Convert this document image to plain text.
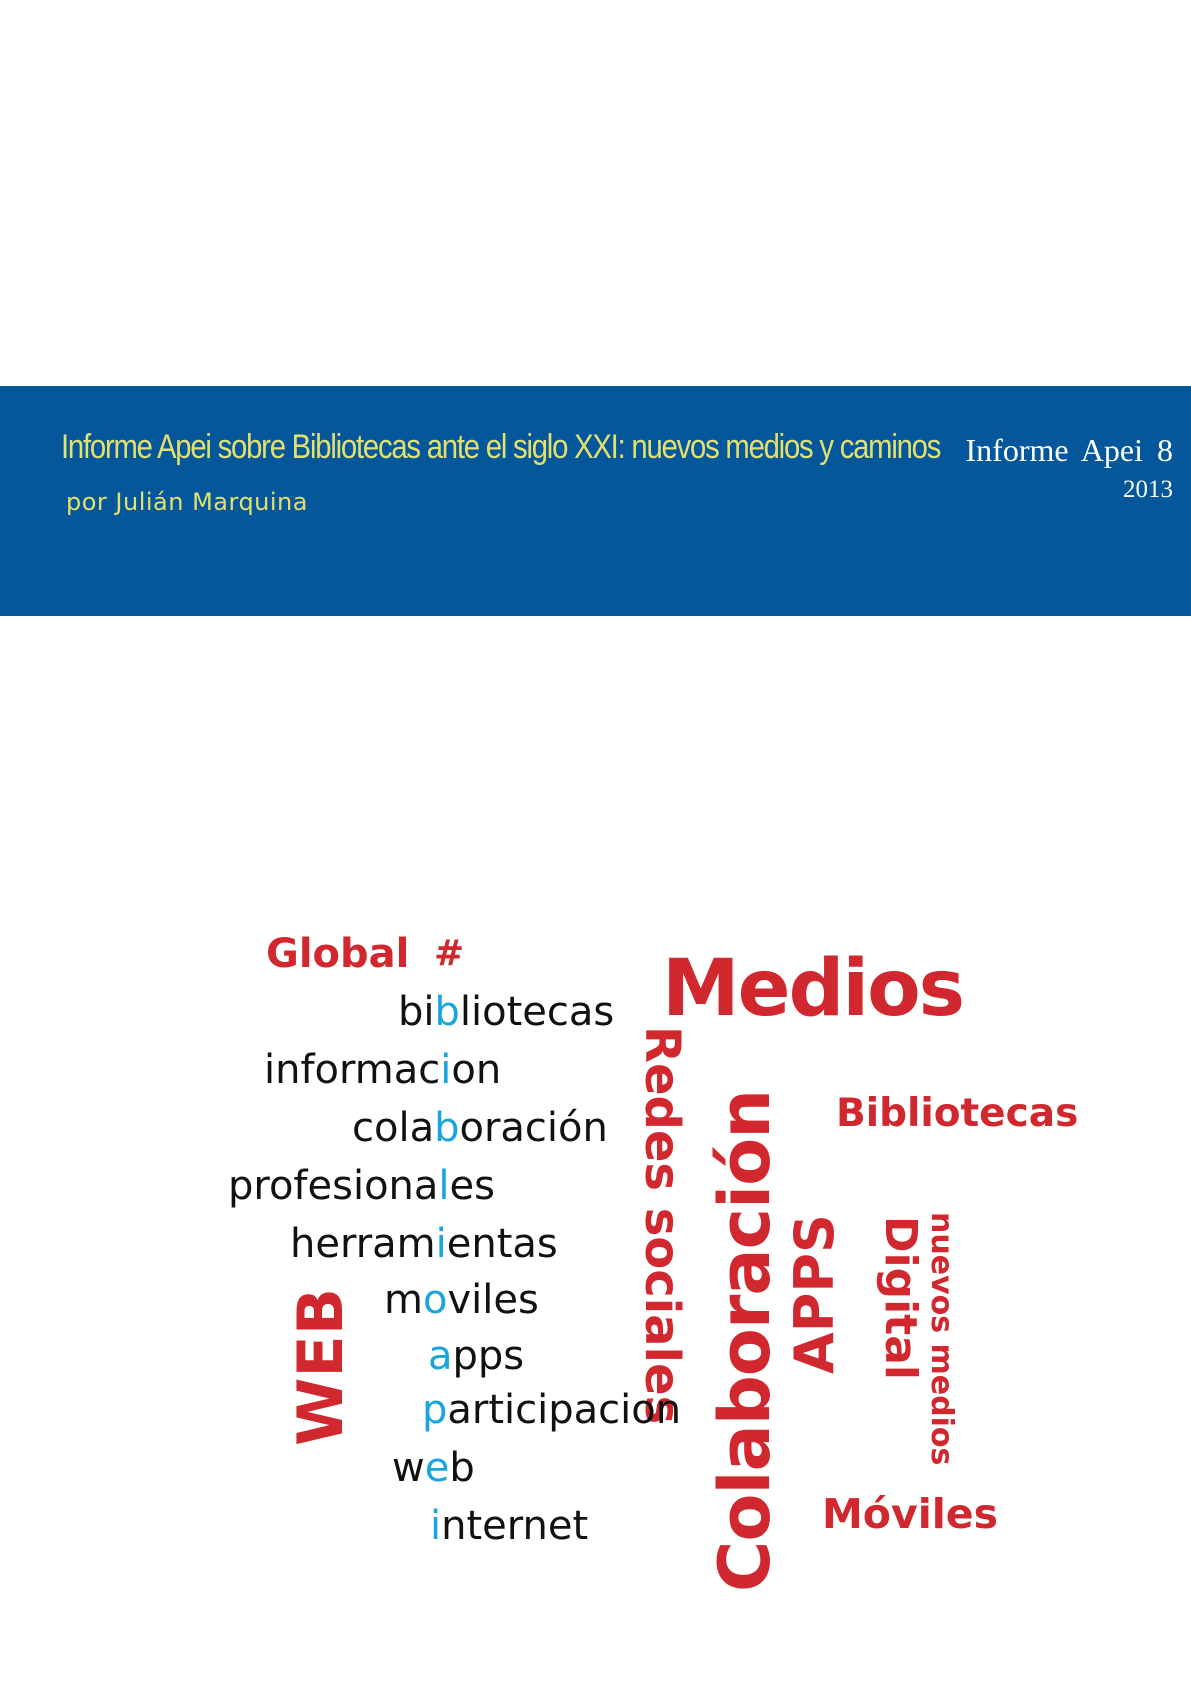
Informe Apei sobre Bibliotecas ante el siglo XXI: nuevos medios y caminos
por Julián Marquina
Informe Apei 8
2013
Global #	Medios
Bibliotecas
Móviles
Redes sociales Colaboración
APPS Digital
nuevos medios
WEB
bibliotecas
informacion
colaboración
profesionales
herramientas
moviles
apps
participacion
web
internet
